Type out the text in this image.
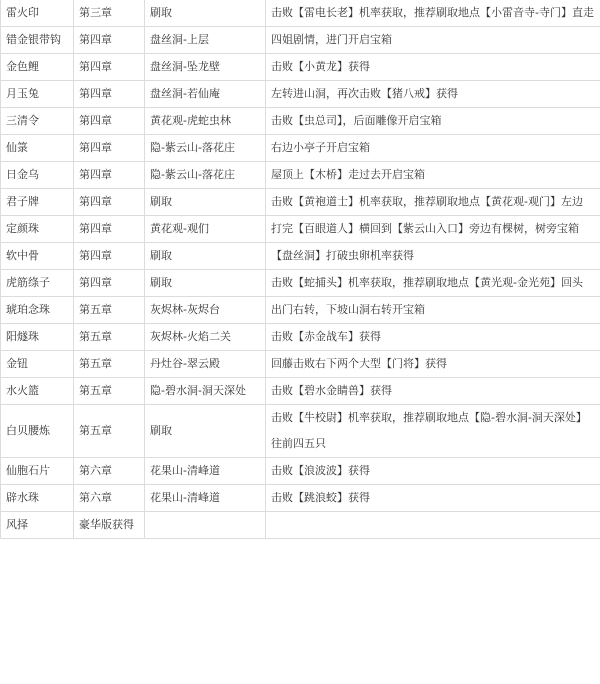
雷火印	第三章	刷取	击败【雷电长老】机率获取，推荐刷取地点【小雷音寺-寺门】直走
错金银带钩	第四章	盘丝洞-上层	四姐剧情，进门开启宝箱
金色鲤	第四章	盘丝洞-坠龙壁	击败【小黄龙】获得
月玉兔	第四章	盘丝洞-若仙庵	左转进山洞，再次击败【猪八戒】获得
三清令	第四章	黄花观-虎蛇虫林	击败【虫总司】，后面雕像开启宝箱
仙箓	第四章	隐-紫云山-落花庄	右边小亭子开启宝箱
日金乌	第四章	隐-紫云山-落花庄	屋顶上【木桥】走过去开启宝箱
君子牌	第四章	刷取	击败【黄袍道士】机率获取，推荐刷取地点【黄花观-观门】左边
定颜珠	第四章	黄花观-观们	打完【百眼道人】横回到【紫云山入口】旁边有棵树，树旁宝箱
软中骨	第四章	刷取	【盘丝洞】打破虫卵机率获得
虎筋绦子	第四章	刷取	击败【蛇捕头】机率获取，推荐刷取地点【黄光观-金光苑】回头
琥珀念珠	第五章	灰烬林-灰烬台	出门右转，下坡山洞右转开宝箱
阳燧珠	第五章	灰烬林-火焰二关	击败【赤金战车】获得
金钮	第五章	丹灶谷-翠云殿	回藤击败右下两个大型【门将】获得
水火篮	第五章	隐-碧水洞-洞天深处	击败【碧水金睛兽】获得
白贝腰炼	第五章	刷取	击败【牛校尉】机率获取，推荐刷取地点【隐-碧水洞-洞天深处】往前四五只
仙胞石片	第六章	花果山-清峰道	击败【浪波波】获得
辟水珠	第六章	花果山-清峰道	击败【跳浪蛟】获得
风择	豪华版获得		
